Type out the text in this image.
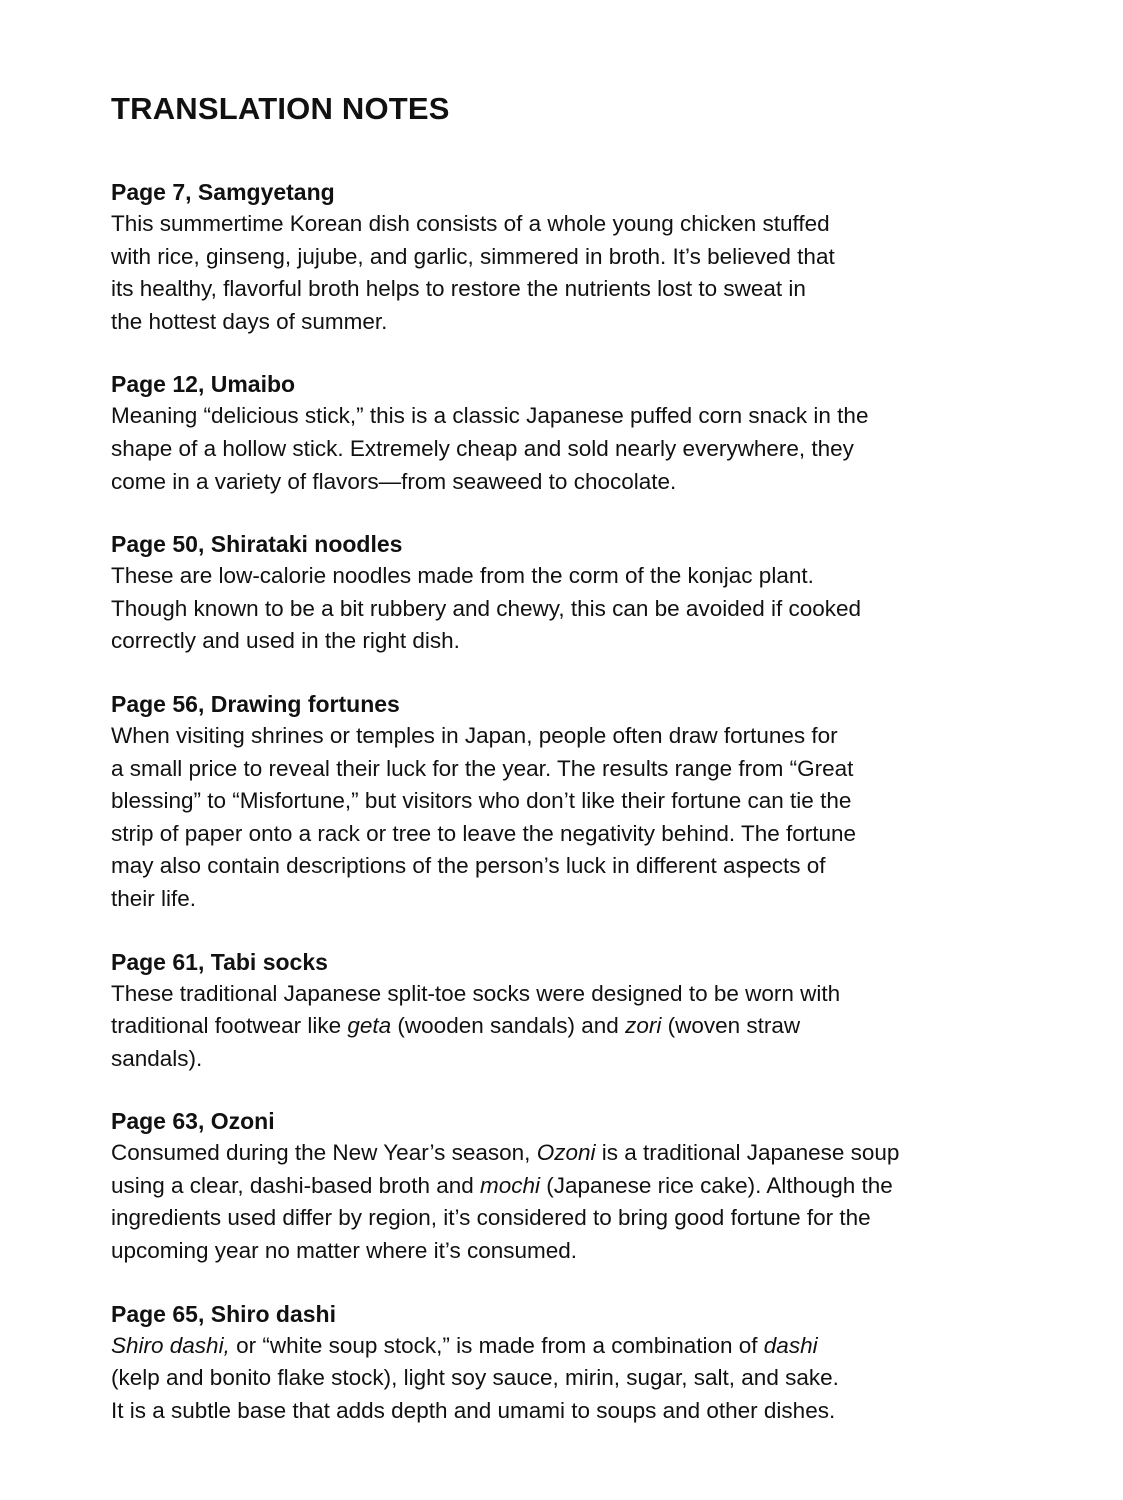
TRANSLATION NOTES
Page 7, Samgyetang

This summertime Korean dish consists of a whole young chicken stuffed
with rice, ginseng, jujube, and garlic, simmered in broth. It’s believed that
its healthy, flavorful broth helps to restore the nutrients lost to sweat in
the hottest days of summer.

Page 12, Umaibo

Meaning “delicious stick,” this is a classic Japanese puffed corn snack in the
shape of a hollow stick. Extremely cheap and sold nearly everywhere, they
come in a variety of flavors—from seaweed to chocolate.

Page 50, Shirataki noodles

These are low-calorie noodles made from the corm of the konjac plant.
Though known to be a bit rubbery and chewy, this can be avoided if cooked
correctly and used in the right dish.

Page 56, Drawing fortunes

When visiting shrines or temples in Japan, people often draw fortunes for
a small price to reveal their luck for the year. The results range from “Great
blessing” to “Misfortune,” but visitors who don’t like their fortune can tie the
strip of paper onto a rack or tree to leave the negativity behind. The fortune
may also contain descriptions of the person’s luck in different aspects of
their life.

Page 61, Tabi socks

These traditional Japanese split-toe socks were designed to be worn with
traditional footwear like geta (wooden sandals) and zori (woven straw
sandals).

Page 63, Ozoni

Consumed during the New Year’s season, Ozoni is a traditional Japanese soup
using a clear, dashi-based broth and mochi (Japanese rice cake). Although the
ingredients used differ by region, it’s considered to bring good fortune for the
upcoming year no matter where it’s consumed.

Page 65, Shiro dashi

Shiro dashi, or “white soup stock,” is made from a combination of dashi
(kelp and bonito flake stock), light soy sauce, mirin, sugar, salt, and sake.
It is a subtle base that adds depth and umami to soups and other dishes.
